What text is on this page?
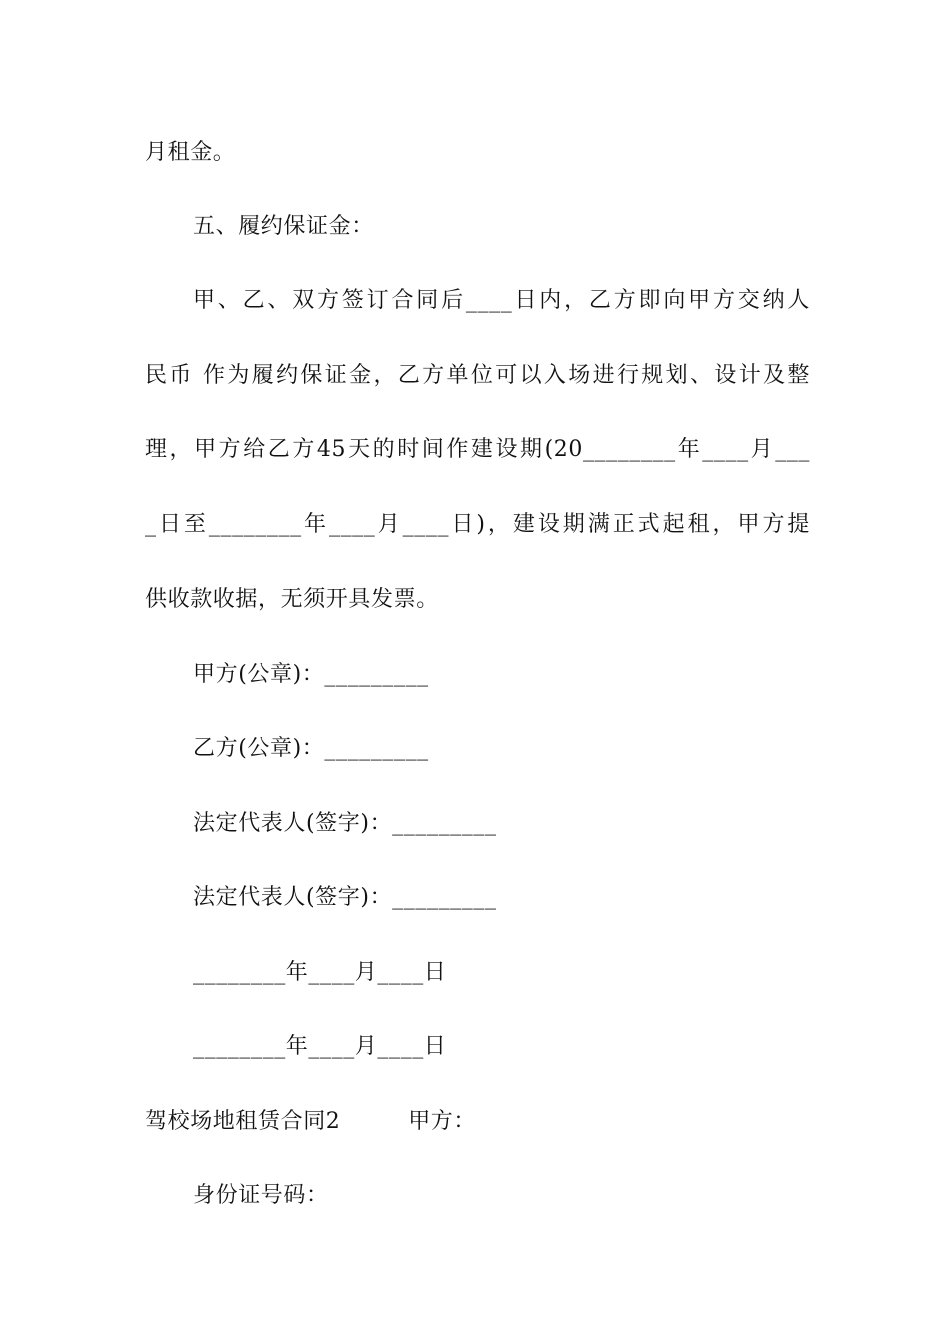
月租金。
五、履约保证金：
甲、乙、双方签订合同后____日内，乙方即向甲方交纳人
民币 作为履约保证金，乙方单位可以入场进行规划、设计及整
理，甲方给乙方45天的时间作建设期(20________年____月___
_日至________年____月____日)，建设期满正式起租，甲方提
供收款收据，无须开具发票。
甲方(公章)：_________
乙方(公章)：_________
法定代表人(签字)：_________
法定代表人(签字)：_________
________年____月____日
________年____月____日
驾校场地租赁合同2　　　甲方：
身份证号码：
